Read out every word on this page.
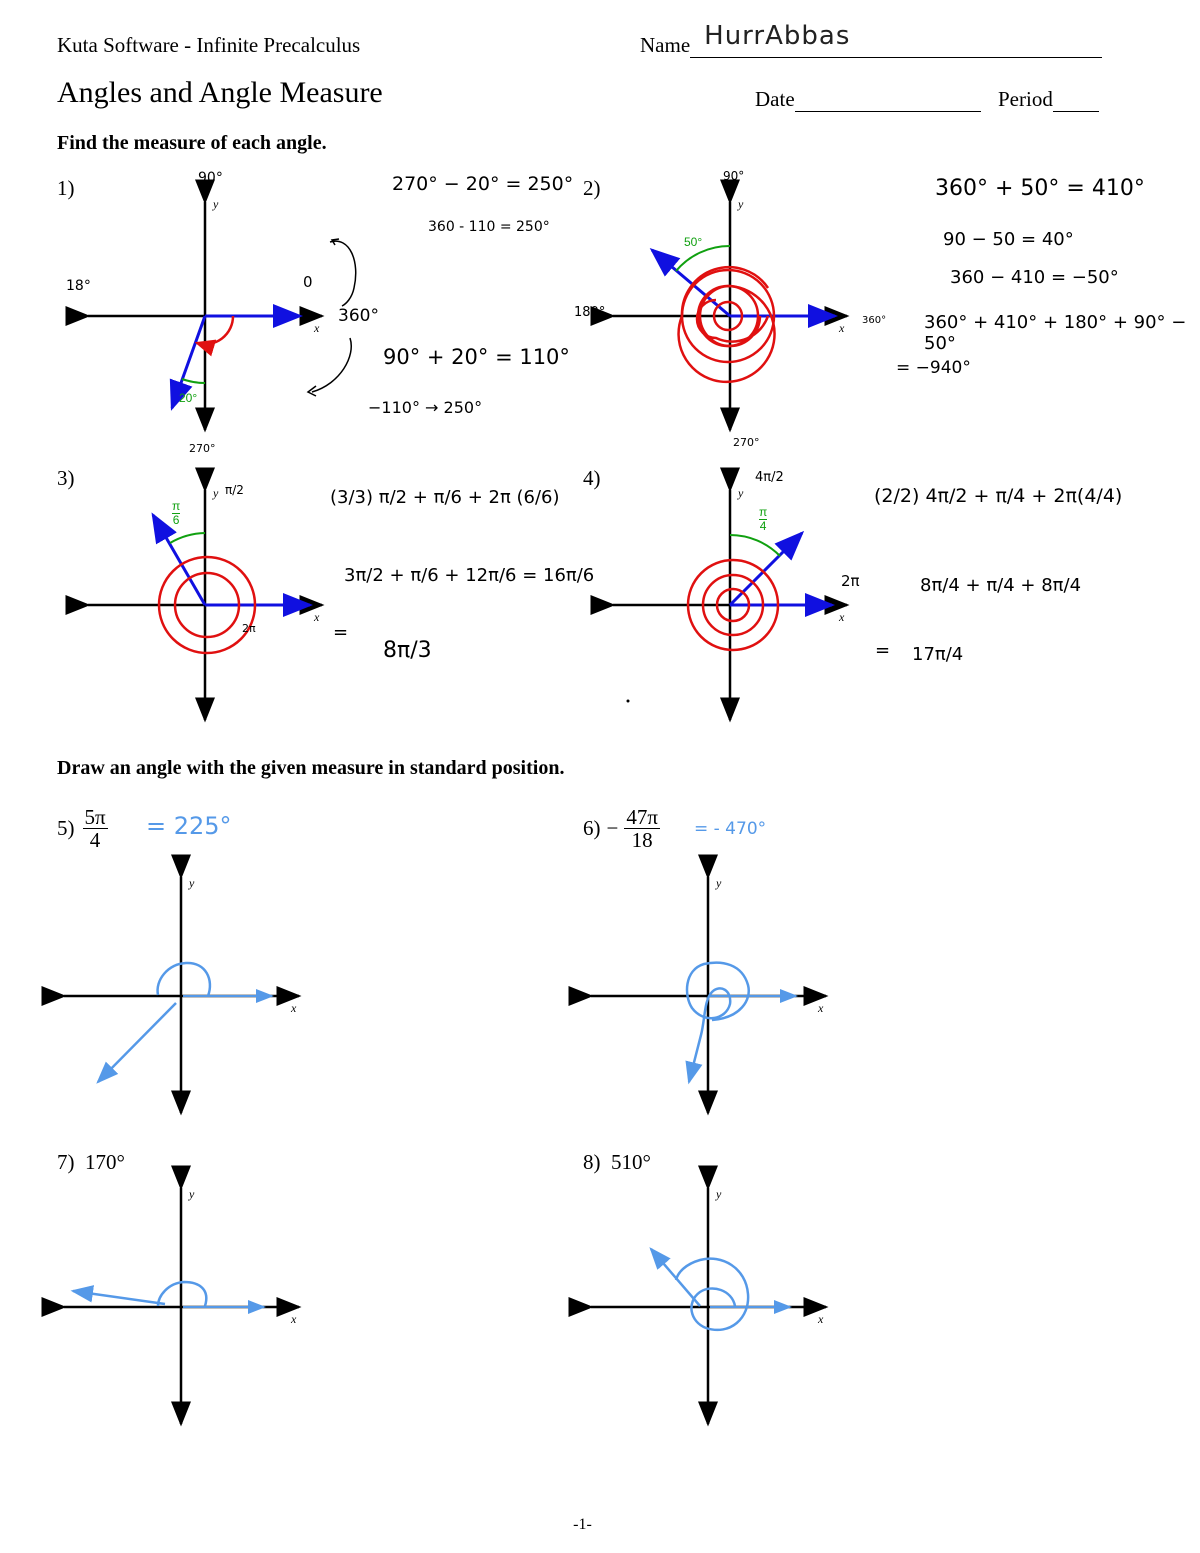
Kuta Software - Infinite Precalculus	Name HurrAbbas
Angles and Angle Measure	Date	Period
Find the measure of each angle.
1)	2)
3)	4)
y
x
y
x
y
x
y
x
y
x
y
x
y
x
y
x
20°
50°
π
6
π
4
90°
18°
360°
270°
0
90°
180°
360°
270°
π/2
2π
4π/2
2π
270° − 20° = 250°
360 - 110 = 250°
90° + 20° = 110°
−110° → 250°
360° + 50° = 410°
90 − 50 = 40°
360 − 410 = −50°
360° + 410° + 180° + 90° − 50°
= −940°
(3/3) π/2 + π/6 + 2π (6/6)
3π/2 + π/6 + 12π/6 = 16π/6
=
8π/3
(2/2) 4π/2 + π/4 + 2π(4/4)
8π/4 + π/4 + 8π/4
= 17π/4
Draw an angle with the given measure in standard position.
$5) \frac{5\pi}{4} = 225^\circ$	$6) - \frac{47\pi}{18}$ = - 470°
7) 170°	8) 510°
-1-
